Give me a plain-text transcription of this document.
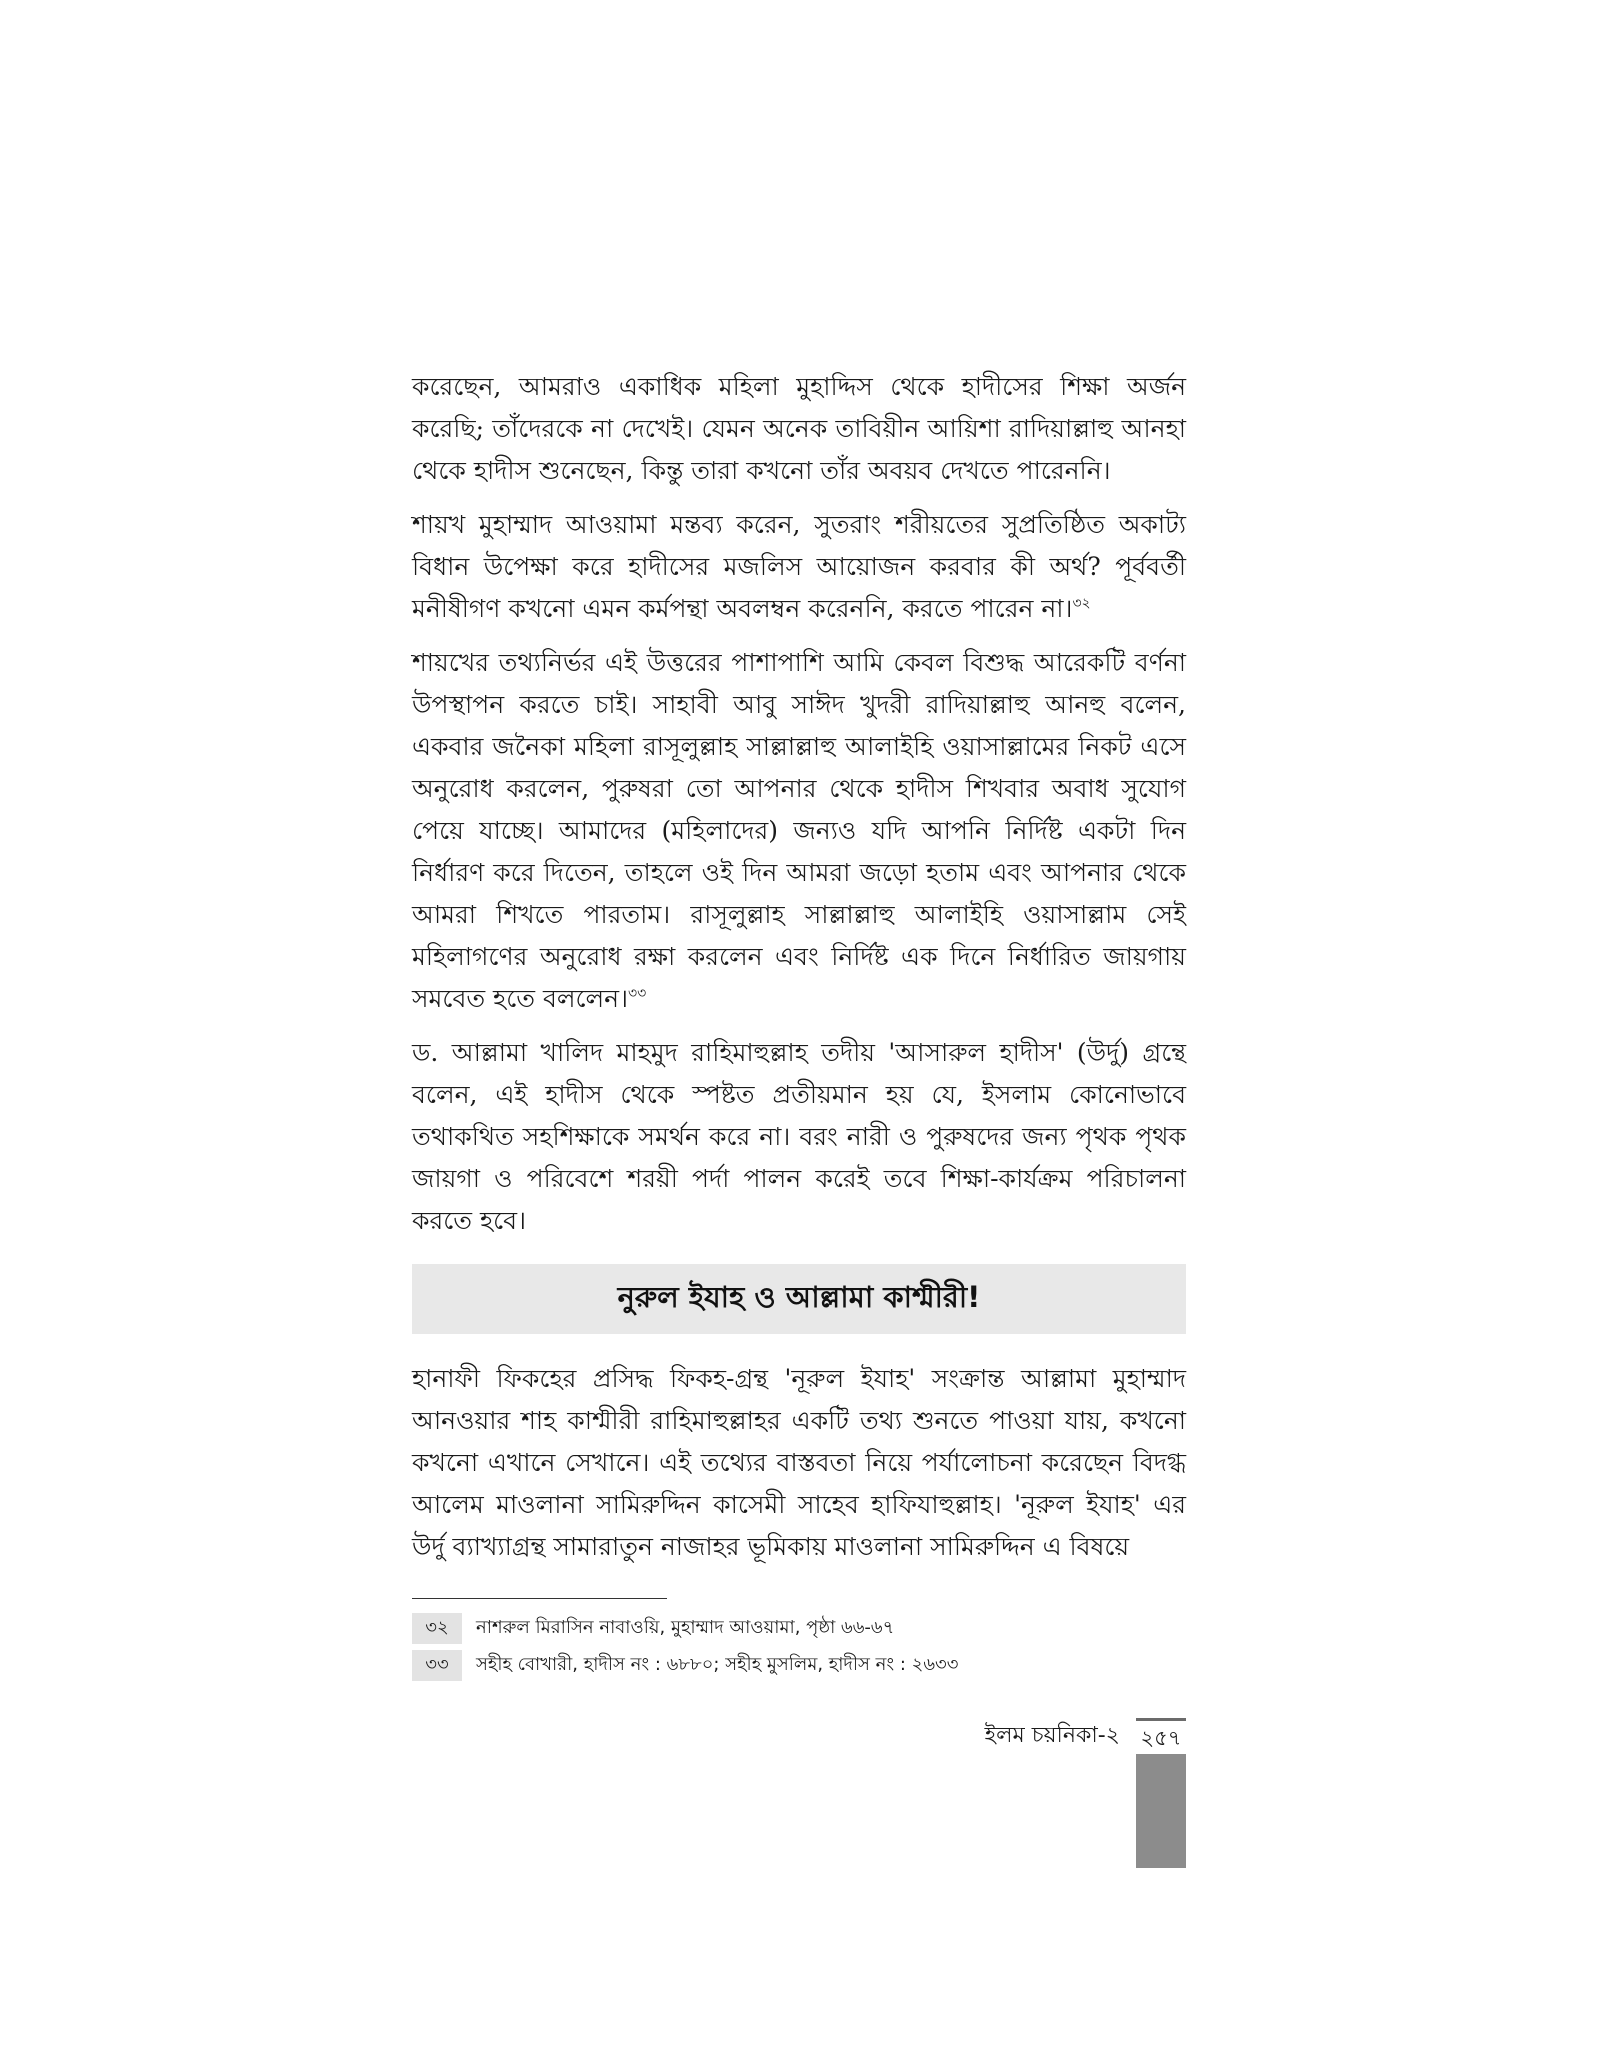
করেছেন, আমরাও একাধিক মহিলা মুহাদ্দিস থেকে হাদীসের শিক্ষা অর্জন করেছি; তাঁদেরকে না দেখেই। যেমন অনেক তাবিয়ীন আয়িশা রাদিয়াল্লাহু আনহা থেকে হাদীস শুনেছেন, কিন্তু তারা কখনো তাঁর অবয়ব দেখতে পারেননি।

শায়খ মুহাম্মাদ আওয়ামা মন্তব্য করেন, সুতরাং শরীয়তের সুপ্রতিষ্ঠিত অকাট্য বিধান উপেক্ষা করে হাদীসের মজলিস আয়োজন করবার কী অর্থ? পূর্ববর্তী মনীষীগণ কখনো এমন কর্মপন্থা অবলম্বন করেননি, করতে পারেন না।$^{৩২}$

শায়খের তথ্যনির্ভর এই উত্তরের পাশাপাশি আমি কেবল বিশুদ্ধ আরেকটি বর্ণনা উপস্থাপন করতে চাই। সাহাবী আবু সাঈদ খুদরী রাদিয়াল্লাহু আনহু বলেন, একবার জনৈকা মহিলা রাসূলুল্লাহ সাল্লাল্লাহু আলাইহি ওয়াসাল্লামের নিকট এসে অনুরোধ করলেন, পুরুষরা তো আপনার থেকে হাদীস শিখবার অবাধ সুযোগ পেয়ে যাচ্ছে। আমাদের (মহিলাদের) জন্যও যদি আপনি নির্দিষ্ট একটা দিন নির্ধারণ করে দিতেন, তাহলে ওই দিন আমরা জড়ো হতাম এবং আপনার থেকে আমরা শিখতে পারতাম। রাসূলুল্লাহ সাল্লাল্লাহু আলাইহি ওয়াসাল্লাম সেই মহিলাগণের অনুরোধ রক্ষা করলেন এবং নির্দিষ্ট এক দিনে নির্ধারিত জায়গায় সমবেত হতে বললেন।$^{৩৩}$

ড. আল্লামা খালিদ মাহমুদ রাহিমাহুল্লাহ তদীয় 'আসারুল হাদীস' (উর্দু) গ্রন্থে বলেন, এই হাদীস থেকে স্পষ্টত প্রতীয়মান হয় যে, ইসলাম কোনোভাবে তথাকথিত সহশিক্ষাকে সমর্থন করে না। বরং নারী ও পুরুষদের জন্য পৃথক পৃথক জায়গা ও পরিবেশে শরয়ী পর্দা পালন করেই তবে শিক্ষা-কার্যক্রম পরিচালনা করতে হবে।

নুরুল ইযাহ ও আল্লামা কাশ্মীরী!

হানাফী ফিকহের প্রসিদ্ধ ফিকহ-গ্রন্থ 'নূরুল ইযাহ' সংক্রান্ত আল্লামা মুহাম্মাদ আনওয়ার শাহ কাশ্মীরী রাহিমাহুল্লাহর একটি তথ্য শুনতে পাওয়া যায়, কখনো কখনো এখানে সেখানে। এই তথ্যের বাস্তবতা নিয়ে পর্যালোচনা করেছেন বিদগ্ধ আলেম মাওলানা সামিরুদ্দিন কাসেমী সাহেব হাফিযাহুল্লাহ। 'নূরুল ইযাহ' এর উর্দু ব্যাখ্যাগ্রন্থ সামারাতুন নাজাহর ভূমিকায় মাওলানা সামিরুদ্দিন এ বিষয়ে

৩২	নাশরুল মিরাসিন নাবাওয়ি, মুহাম্মাদ আওয়ামা, পৃষ্ঠা ৬৬-৬৭
৩৩	সহীহ বোখারী, হাদীস নং : ৬৮৮০; সহীহ মুসলিম, হাদীস নং : ২৬৩৩
ইলম চয়নিকা-২ ২৫৭
